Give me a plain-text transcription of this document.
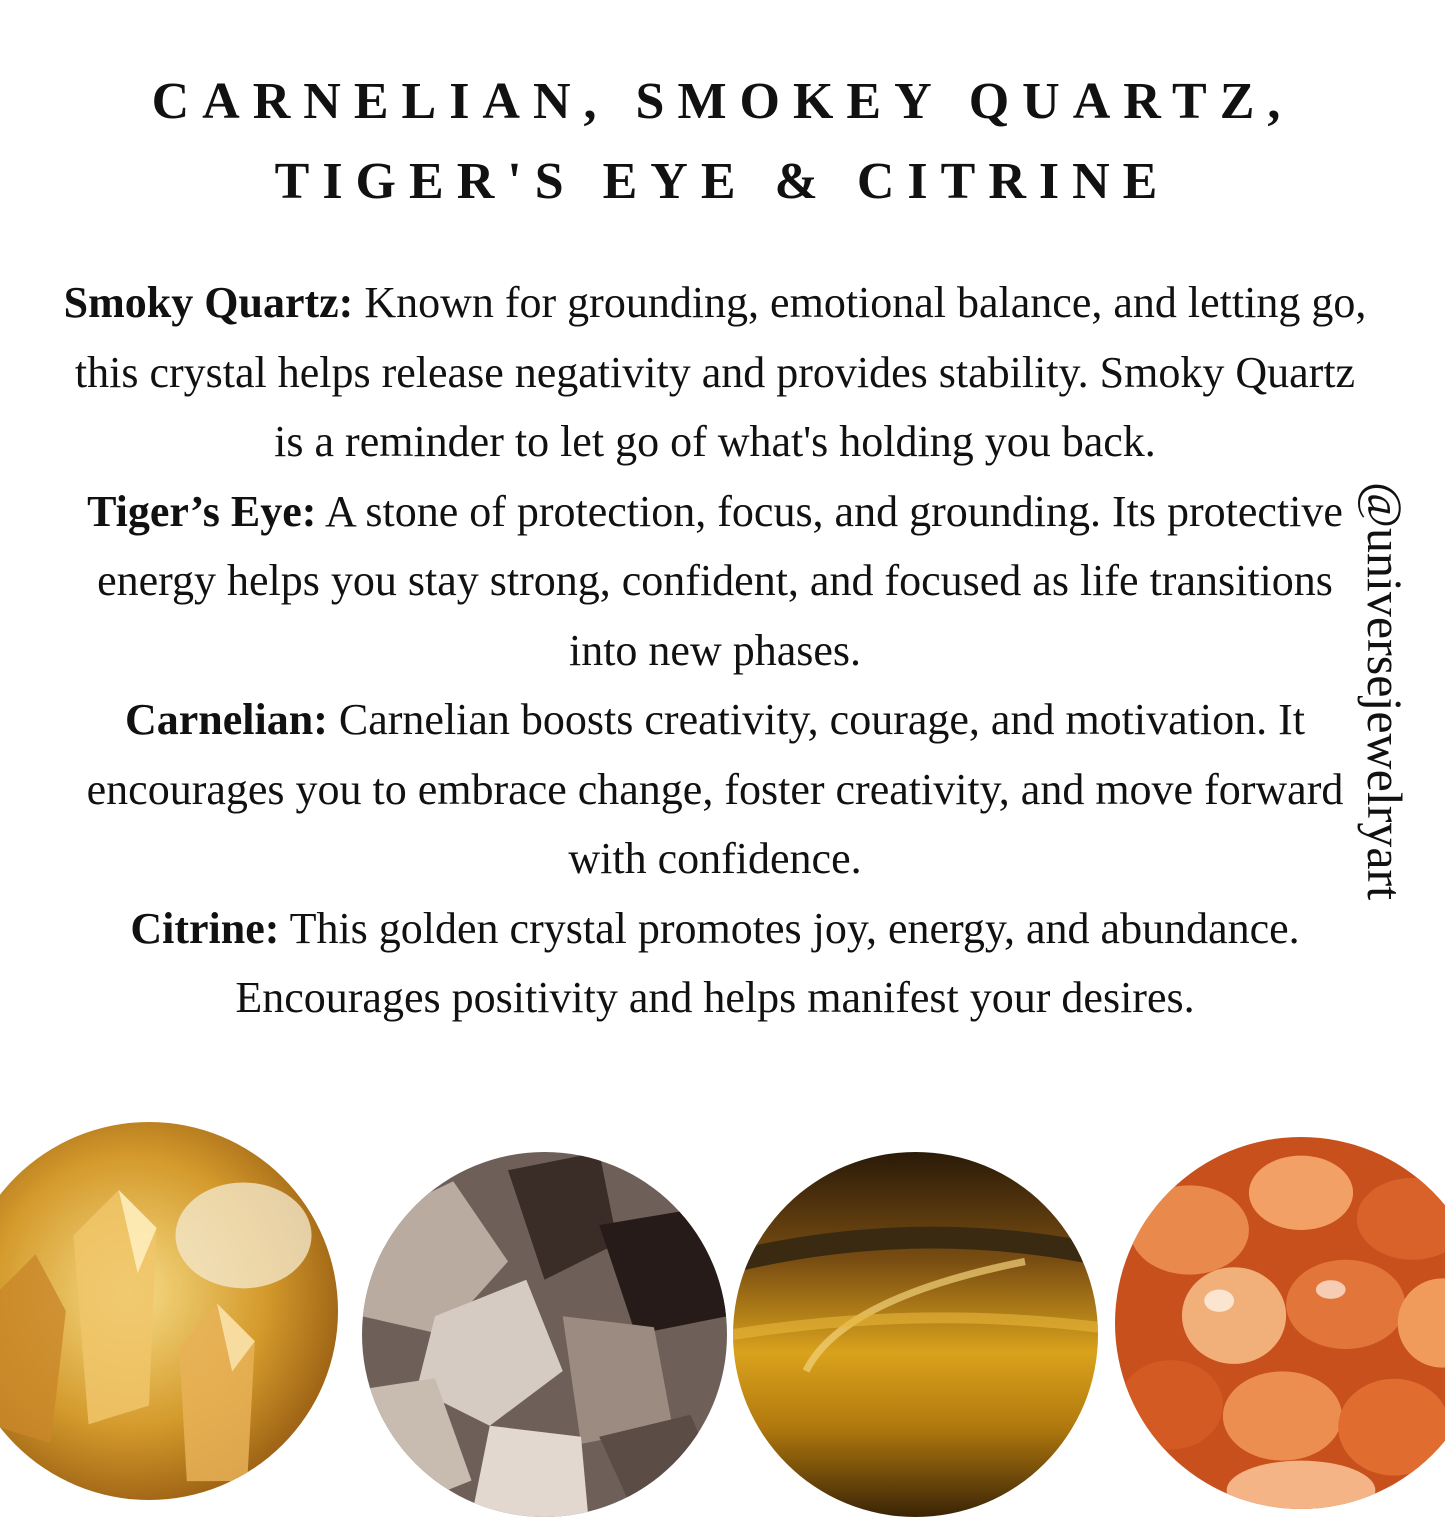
CARNELIAN, SMOKEY QUARTZ,
TIGER'S EYE & CITRINE

Smoky Quartz: Known for grounding, emotional balance, and letting go, this crystal helps release negativity and provides stability. Smoky Quartz is a reminder to let go of what's holding you back.

Tiger’s Eye: A stone of protection, focus, and grounding. Its protective energy helps you stay strong, confident, and focused as life transitions into new phases.

Carnelian: Carnelian boosts creativity, courage, and motivation. It encourages you to embrace change, foster creativity, and move forward with confidence.

Citrine: This golden crystal promotes joy, energy, and abundance. Encourages positivity and helps manifest your desires.

@universejewelryart
